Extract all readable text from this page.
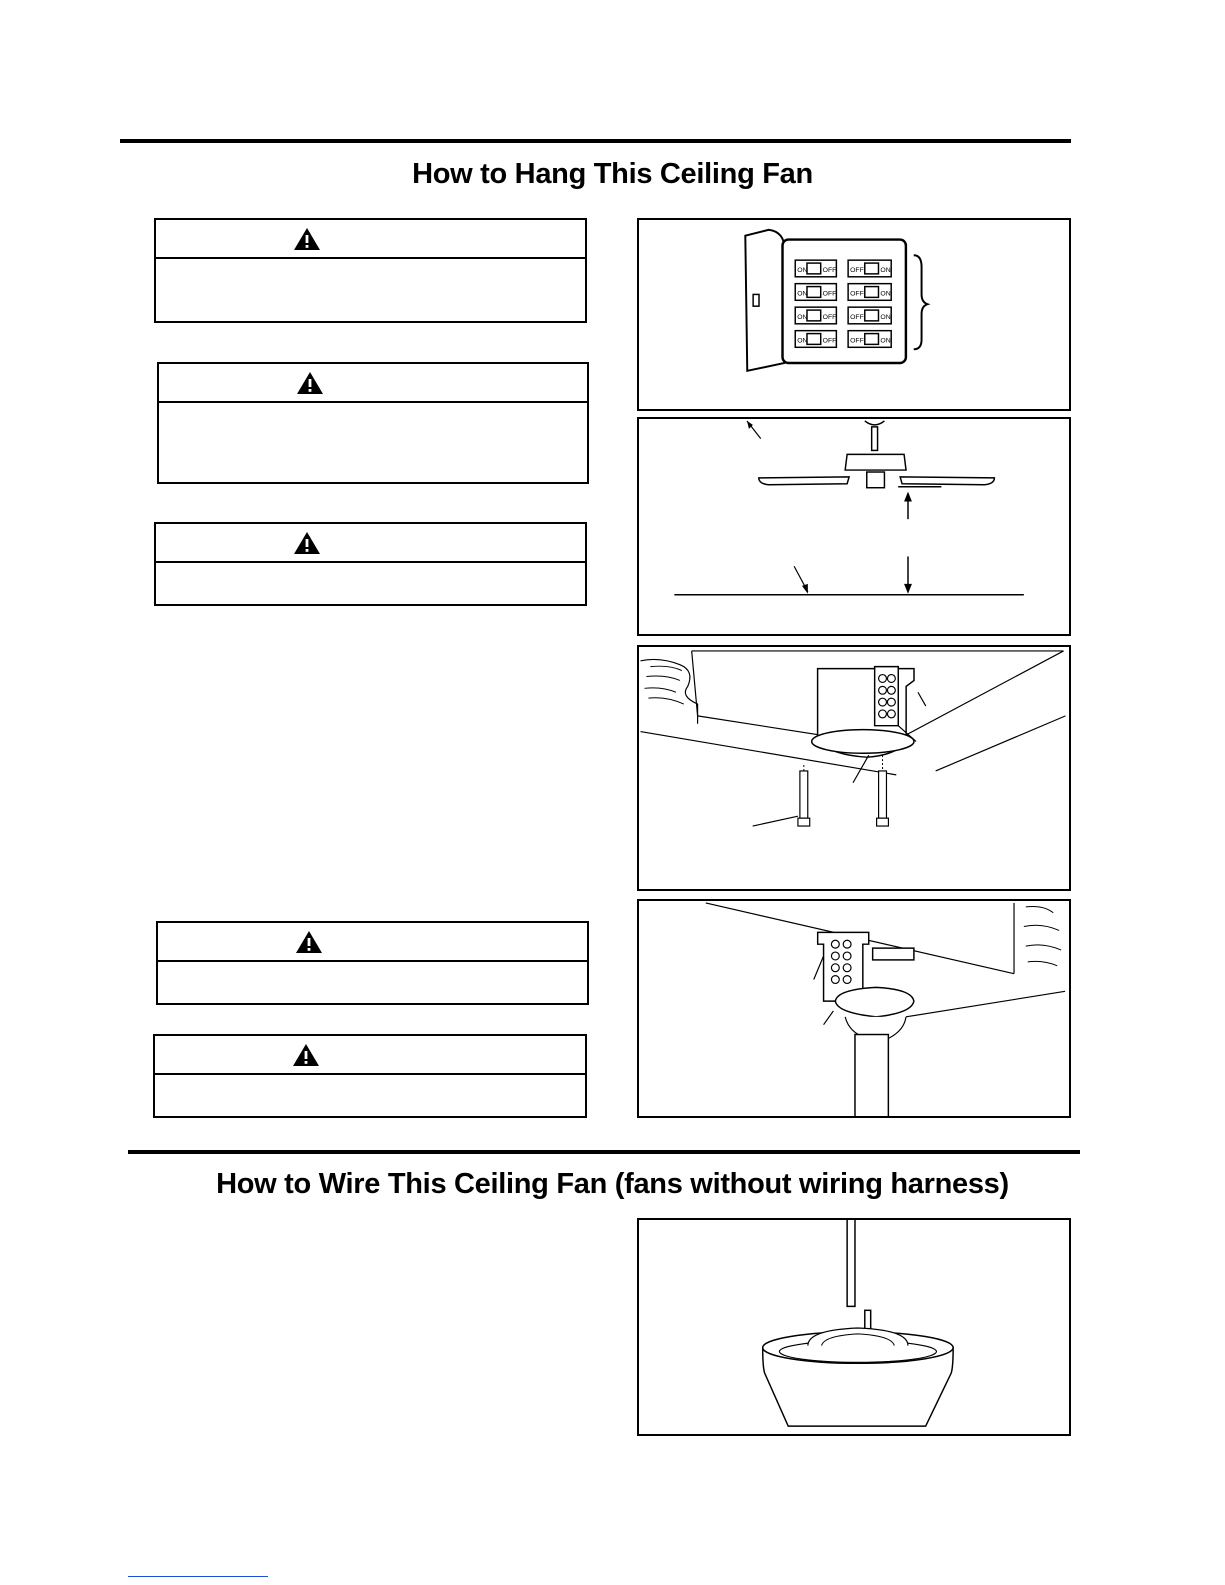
How to Hang This Ceiling Fan
ON OFF
ON OFF
ON OFF
ON OFF
OFF ON
OFF ON
OFF ON
OFF ON
How to Wire This Ceiling Fan (fans without wiring harness)
